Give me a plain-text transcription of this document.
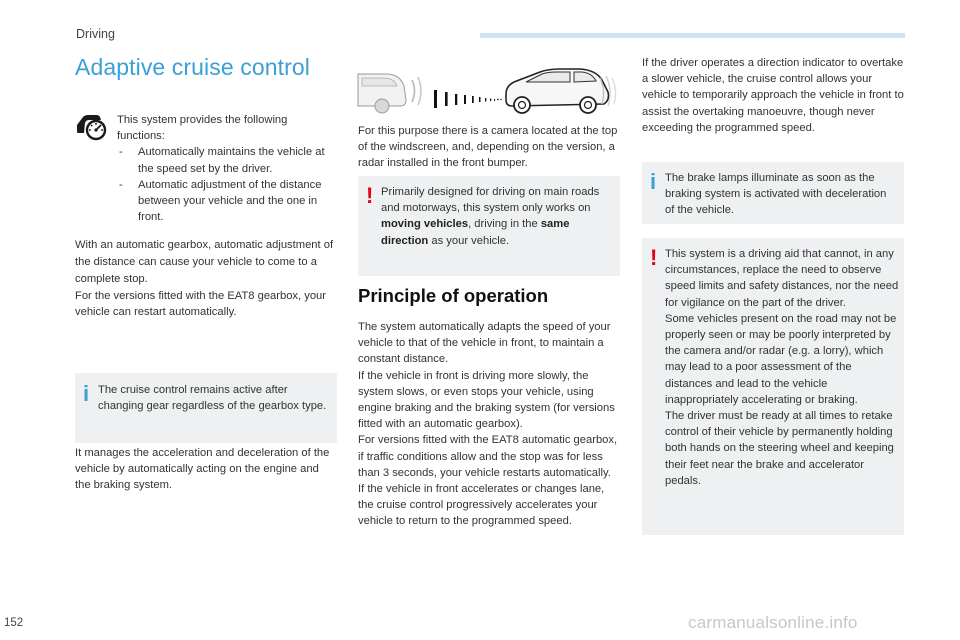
Driving
Adaptive cruise control
This system provides the following functions:
- Automatically maintains the vehicle at the speed set by the driver.
- Automatic adjustment of the distance between your vehicle and the one in front.
With an automatic gearbox, automatic adjustment of the distance can cause your vehicle to come to a complete stop.
For the versions fitted with the EAT8 gearbox, your vehicle can restart automatically.
i The cruise control remains active after changing gear regardless of the gearbox type.
It manages the acceleration and deceleration of the vehicle by automatically acting on the engine and the braking system.
For this purpose there is a camera located at the top of the windscreen, and, depending on the version, a radar installed in the front bumper.
! Primarily designed for driving on main roads and motorways, this system only works on moving vehicles, driving in the same direction as your vehicle.
Principle of operation
The system automatically adapts the speed of your vehicle to that of the vehicle in front, to maintain a constant distance.
If the vehicle in front is driving more slowly, the system slows, or even stops your vehicle, using engine braking and the braking system (for versions fitted with an automatic gearbox).
For versions fitted with the EAT8 automatic gearbox, if traffic conditions allow and the stop was for less than 3 seconds, your vehicle restarts automatically.
If the vehicle in front accelerates or changes lane, the cruise control progressively accelerates your vehicle to return to the programmed speed.
If the driver operates a direction indicator to overtake a slower vehicle, the cruise control allows your vehicle to temporarily approach the vehicle in front to assist the overtaking manoeuvre, though never exceeding the programmed speed.
i The brake lamps illuminate as soon as the braking system is activated with deceleration of the vehicle.
! This system is a driving aid that cannot, in any circumstances, replace the need to observe speed limits and safety distances, nor the need for vigilance on the part of the driver.
Some vehicles present on the road may not be properly seen or may be poorly interpreted by the camera and/or radar (e.g. a lorry), which may lead to a poor assessment of the distances and lead to the vehicle inappropriately accelerating or braking.
The driver must be ready at all times to retake control of their vehicle by permanently holding both hands on the steering wheel and keeping their feet near the brake and accelerator pedals.
152	carmanualsonline.info
